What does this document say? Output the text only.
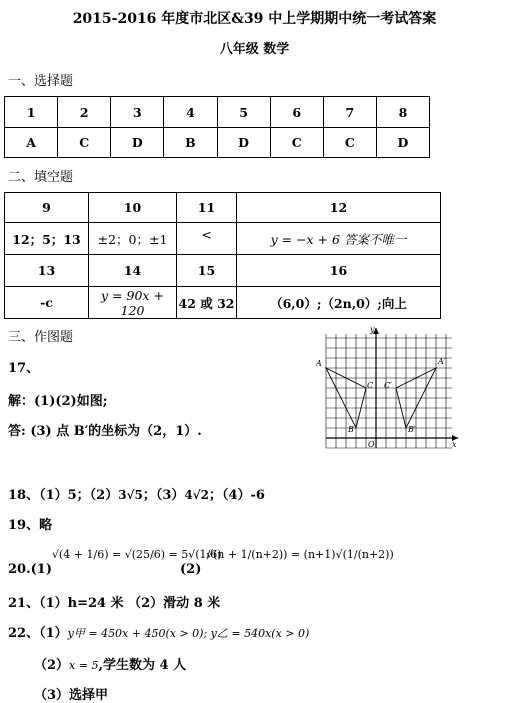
2015-2016 年度市北区&39 中上学期期中统一考试答案
八年级 数学
一、选择题
1	2	3	4	5	6	7	8
A	C	D	B	D	C	C	D
二、填空题
9	10	11	12
12；5；13	±2；0；±1	<	y = −x + 6 答案不唯一
13	14	15	16
-c	y = 90x + 120	42 或 32	（6,0）;（2n,0）;向上
三、作图题
17、
解：(1)(2)如图;
答: (3) 点 B′的坐标为（2，1）.
y
x
O
A
C
B
C′
A′
B′
18、（1）5；（2）3√5；（3）4√2；（4）-6
19、略
20.(1)
√(4 + 1/6) = √(25/6) = 5√(1/6)
(2)
√(n + 1/(n+2)) = (n+1)√(1/(n+2))
21、（1）h=24 米 （2）滑动 8 米
22、（1）y甲 = 450x + 450(x > 0); y乙 = 540x(x > 0)
（2）x = 5,学生数为 4 人
（3）选择甲
